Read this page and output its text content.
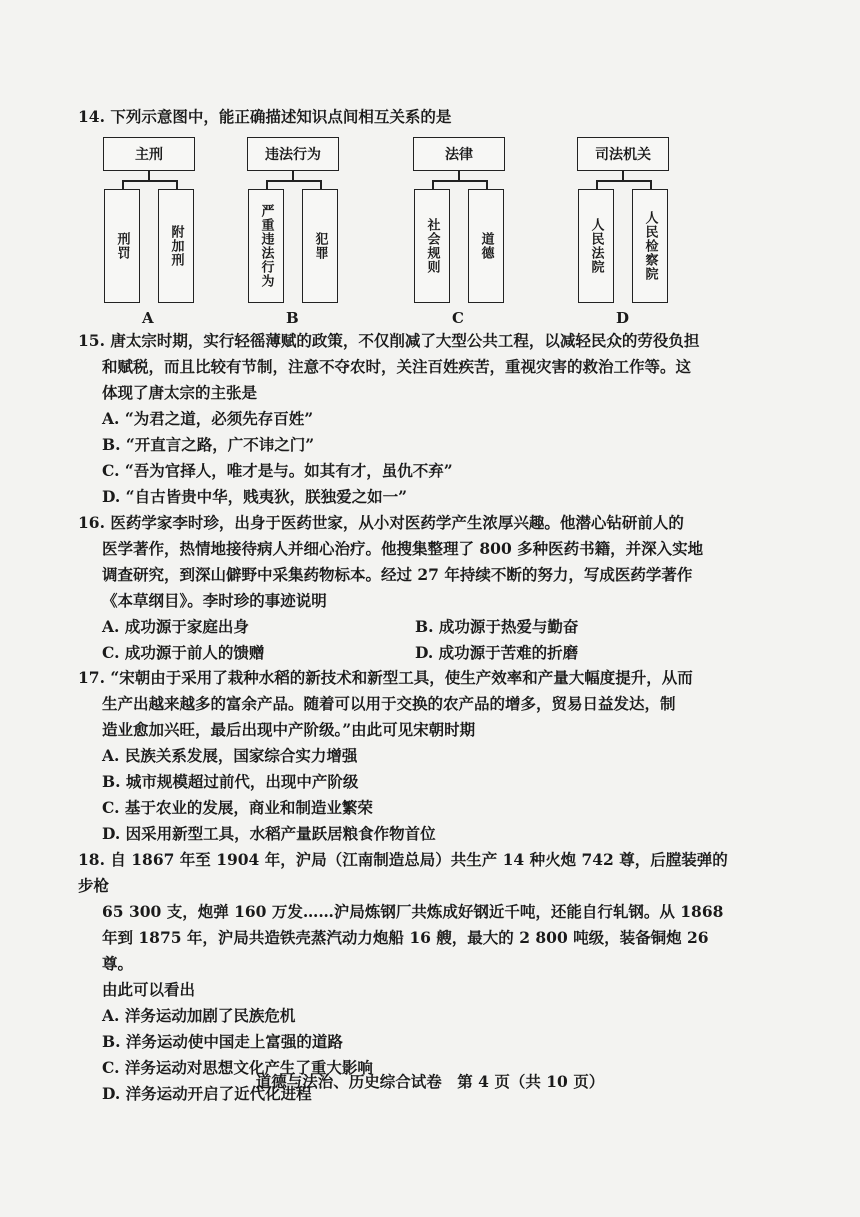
14. 下列示意图中，能正确描述知识点间相互关系的是
主刑
刑罚	附加刑
A
违法行为
严重违法行为	犯罪
B
法律
社会规则	道德
C
司法机关
人民法院	人民检察院
D
15. 唐太宗时期，实行轻徭薄赋的政策，不仅削减了大型公共工程，以减轻民众的劳役负担
和赋税，而且比较有节制，注意不夺农时，关注百姓疾苦，重视灾害的救治工作等。这
体现了唐太宗的主张是
A. “为君之道，必须先存百姓”
B. “开直言之路，广不讳之门”
C. “吾为官择人，唯才是与。如其有才，虽仇不弃”
D. “自古皆贵中华，贱夷狄，朕独爱之如一”
16. 医药学家李时珍，出身于医药世家，从小对医药学产生浓厚兴趣。他潜心钻研前人的
医学著作，热情地接待病人并细心治疗。他搜集整理了 800 多种医药书籍，并深入实地
调查研究，到深山僻野中采集药物标本。经过 27 年持续不断的努力，写成医药学著作
《本草纲目》。李时珍的事迹说明
A. 成功源于家庭出身	B. 成功源于热爱与勤奋
C. 成功源于前人的馈赠	D. 成功源于苦难的折磨
17. “宋朝由于采用了栽种水稻的新技术和新型工具，使生产效率和产量大幅度提升，从而
生产出越来越多的富余产品。随着可以用于交换的农产品的增多，贸易日益发达，制
造业愈加兴旺，最后出现中产阶级。”由此可见宋朝时期
A. 民族关系发展，国家综合实力增强
B. 城市规模超过前代，出现中产阶级
C. 基于农业的发展，商业和制造业繁荣
D. 因采用新型工具，水稻产量跃居粮食作物首位
18. 自 1867 年至 1904 年，沪局（江南制造总局）共生产 14 种火炮 742 尊，后膛装弹的步枪
65 300 支，炮弹 160 万发……沪局炼钢厂共炼成好钢近千吨，还能自行轧钢。从 1868
年到 1875 年，沪局共造铁壳蒸汽动力炮船 16 艘，最大的 2 800 吨级，装备铜炮 26 尊。
由此可以看出
A. 洋务运动加剧了民族危机
B. 洋务运动使中国走上富强的道路
C. 洋务运动对思想文化产生了重大影响
D. 洋务运动开启了近代化进程
道德与法治、历史综合试卷　第 4 页（共 10 页）
